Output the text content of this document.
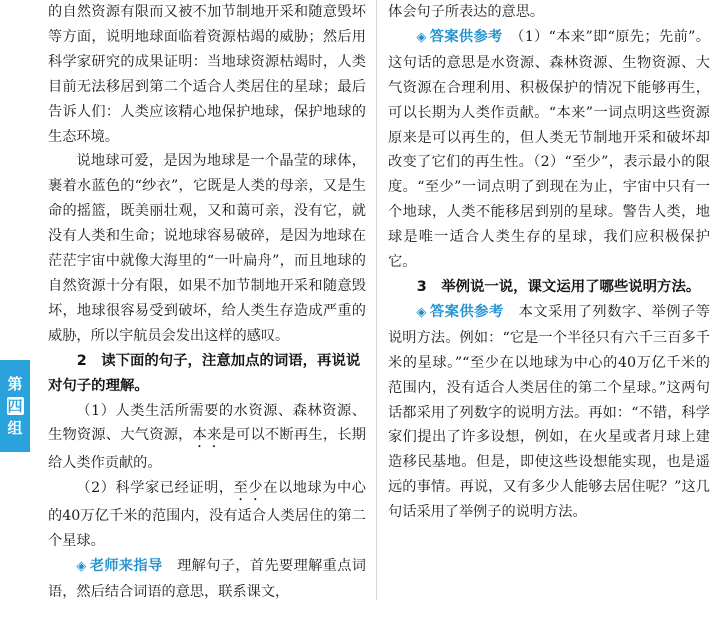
第
四
组

的自然资源有限而又被不加节制地开采和随意毁坏等方面，说明地球面临着资源枯竭的威胁；然后用科学家研究的成果证明：当地球资源枯竭时，人类目前无法移居到第二个适合人类居住的星球；最后告诉人们：人类应该精心地保护地球，保护地球的生态环境。

说地球可爱，是因为地球是一个晶莹的球体，裹着水蓝色的“纱衣”，它既是人类的母亲，又是生命的摇篮，既美丽壮观，又和蔼可亲，没有它，就没有人类和生命；说地球容易破碎，是因为地球在茫茫宇宙中就像大海里的“一叶扁舟”，而且地球的自然资源十分有限，如果不加节制地开采和随意毁坏，地球很容易受到破坏，给人类生存造成严重的威胁，所以宇航员会发出这样的感叹。

2　读下面的句子，注意加点的词语，再说说对句子的理解。

（1）人类生活所需要的水资源、森林资源、生物资源、大气资源，本来是可以不断再生，长期给人类作贡献的。

（2）科学家已经证明，至少在以地球为中心的40万亿千米的范围内，没有适合人类居住的第二个星球。

◈ 老师来指导　 理解句子，首先要理解重点词语，然后结合词语的意思，联系课文，

体会句子所表达的意思。

◈ 答案供参考　 （1）“本来”即“原先；先前”。这句话的意思是水资源、森林资源、生物资源、大气资源在合理利用、积极保护的情况下能够再生，可以长期为人类作贡献。“本来”一词点明这些资源原来是可以再生的，但人类无节制地开采和破坏却改变了它们的再生性。（2）“至少”，表示最小的限度。“至少”一词点明了到现在为止，宇宙中只有一个地球，人类不能移居到别的星球。警告人类，地球是唯一适合人类生存的星球，我们应积极保护它。

3　举例说一说，课文运用了哪些说明方法。

◈ 答案供参考　 本文采用了列数字、举例子等说明方法。例如：“它是一个半径只有六千三百多千米的星球。”“至少在以地球为中心的40万亿千米的范围内，没有适合人类居住的第二个星球。”这两句话都采用了列数字的说明方法。再如：“不错，科学家们提出了许多设想，例如，在火星或者月球上建造移民基地。但是，即使这些设想能实现，也是遥远的事情。再说，又有多少人能够去居住呢？”这几句话采用了举例子的说明方法。
